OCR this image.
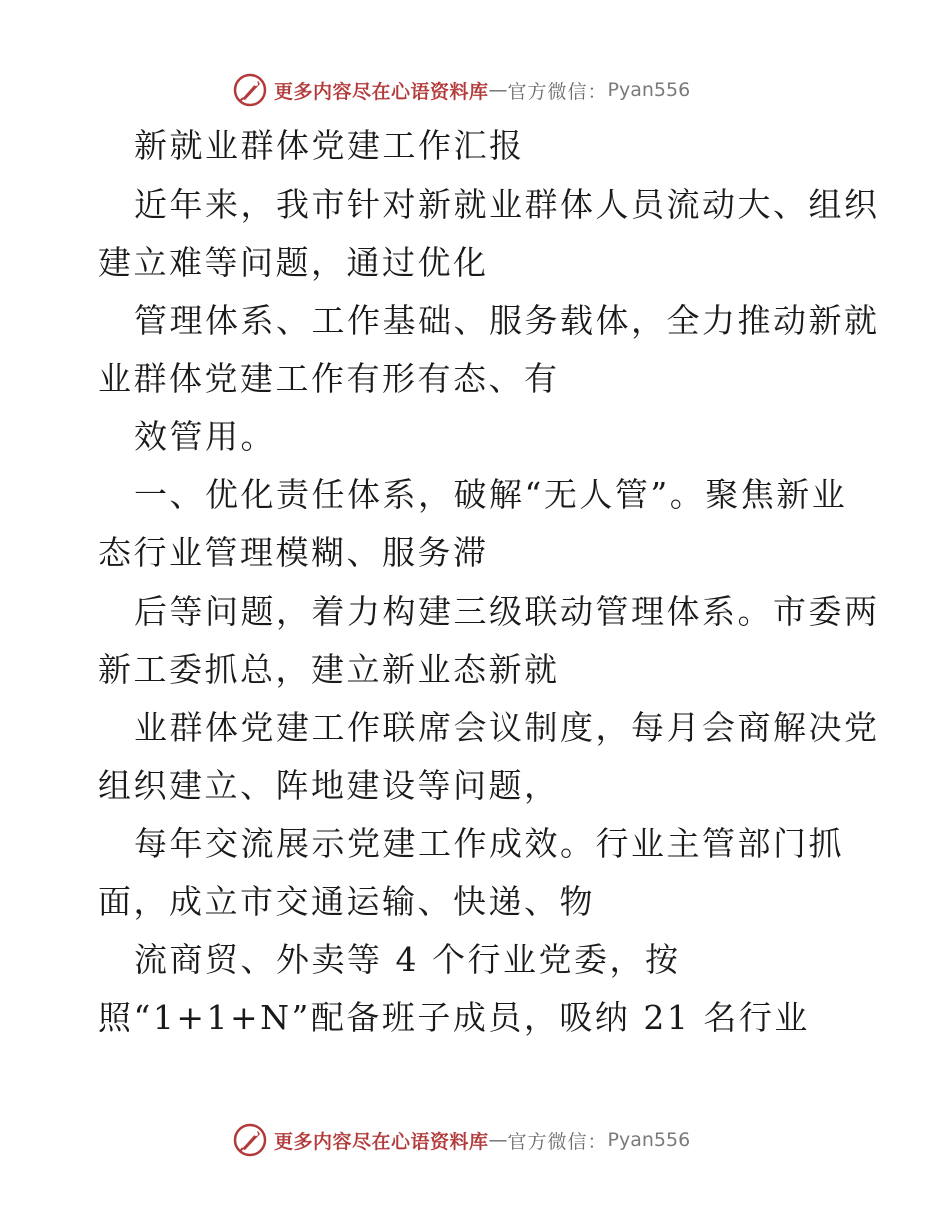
更多内容尽在心语资料库 — 官方微信： Pyan556
新就业群体党建工作汇报
近年来，我市针对新就业群体人员流动大、组织
建立难等问题，通过优化
管理体系、工作基础、服务载体，全力推动新就
业群体党建工作有形有态、有
效管用。
一、优化责任体系，破解“无人管”。聚焦新业
态行业管理模糊、服务滞
后等问题，着力构建三级联动管理体系。市委两
新工委抓总，建立新业态新就
业群体党建工作联席会议制度，每月会商解决党
组织建立、阵地建设等问题，
每年交流展示党建工作成效。行业主管部门抓
面，成立市交通运输、快递、物
流商贸、外卖等 4 个行业党委，按
照“1+1+N”配备班子成员，吸纳 21 名行业
更多内容尽在心语资料库 — 官方微信： Pyan556
